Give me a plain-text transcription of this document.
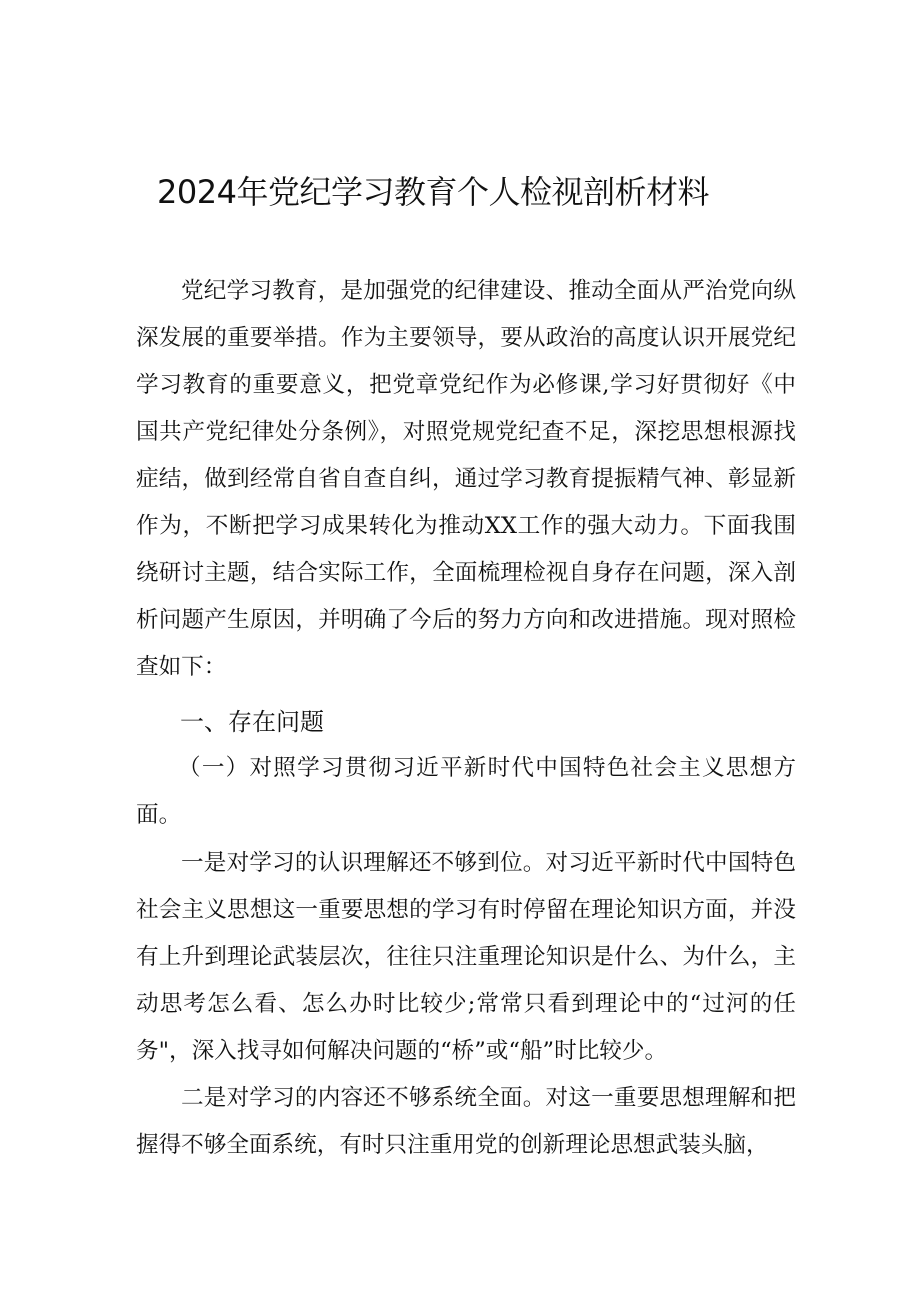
2024年党纪学习教育个人检视剖析材料
党纪学习教育，是加强党的纪律建设、推动全面从严治党向纵深发展的重要举措。作为主要领导，要从政治的高度认识开展党纪学习教育的重要意义，把党章党纪作为必修课,学习好贯彻好《中国共产党纪律处分条例》，对照党规党纪查不足，深挖思想根源找症结，做到经常自省自查自纠，通过学习教育提振精气神、彰显新作为，不断把学习成果转化为推动XX工作的强大动力。下面我围绕研讨主题，结合实际工作，全面梳理检视自身存在问题，深入剖析问题产生原因，并明确了今后的努力方向和改进措施。现对照检查如下：
一、存在问题
（一）对照学习贯彻习近平新时代中国特色社会主义思想方面。
一是对学习的认识理解还不够到位。对习近平新时代中国特色社会主义思想这一重要思想的学习有时停留在理论知识方面，并没有上升到理论武装层次，往往只注重理论知识是什么、为什么，主动思考怎么看、怎么办时比较少;常常只看到理论中的“过河的任务"，深入找寻如何解决问题的“桥”或“船”时比较少。
二是对学习的内容还不够系统全面。对这一重要思想理解和把握得不够全面系统，有时只注重用党的创新理论思想武装头脑，
